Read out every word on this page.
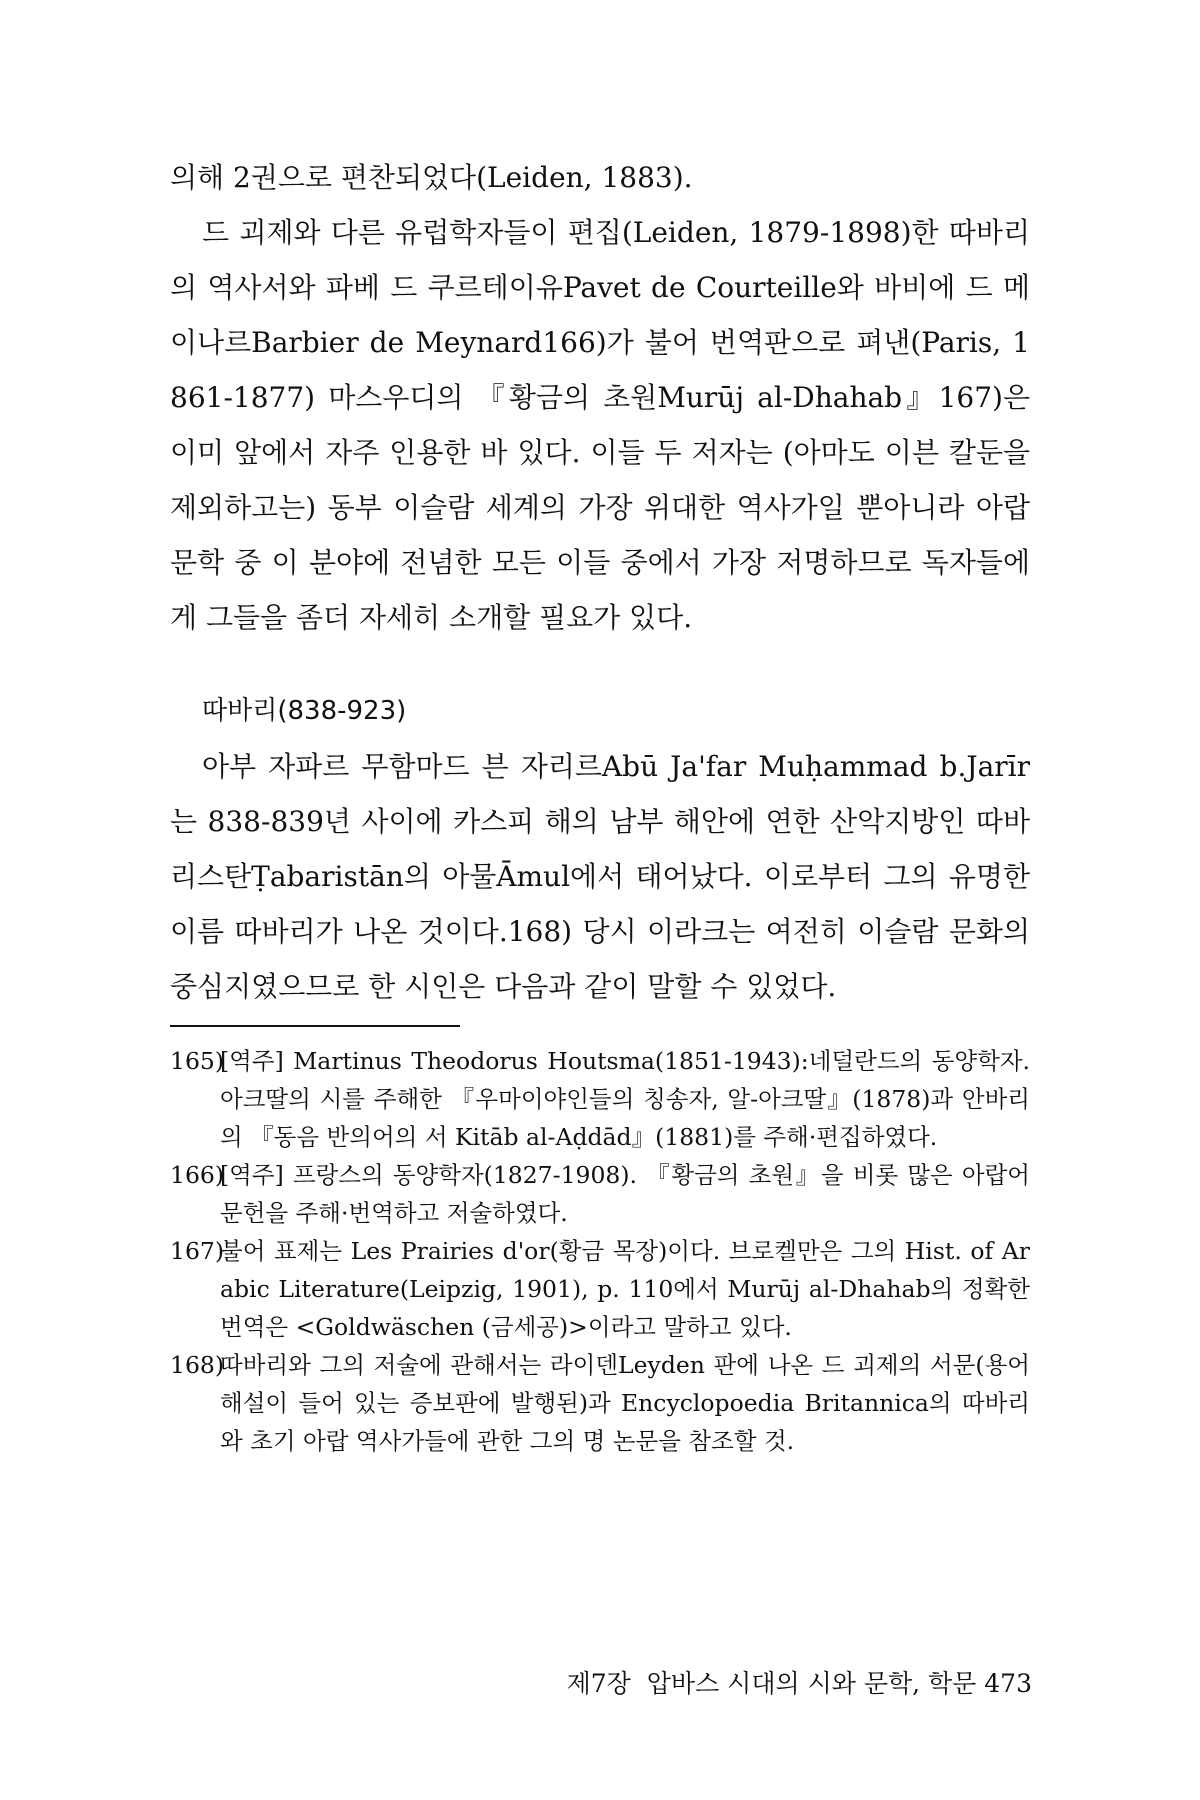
의해 2권으로 편찬되었다(Leiden, 1883).

드 괴제와 다른 유럽학자들이 편집(Leiden, 1879-1898)한 따바리의 역사서와 파베 드 쿠르테이유Pavet de Courteille와 바비에 드 메이나르Barbier de Meynard166)가 불어 번역판으로 펴낸(Paris, 1861-1877) 마스우디의 『황금의 초원Murūj al-Dhahab』167)은 이미 앞에서 자주 인용한 바 있다. 이들 두 저자는 (아마도 이븐 칼둔을 제외하고는) 동부 이슬람 세계의 가장 위대한 역사가일 뿐아니라 아랍 문학 중 이 분야에 전념한 모든 이들 중에서 가장 저명하므로 독자들에게 그들을 좀더 자세히 소개할 필요가 있다.

따바리(838-923)

아부 자파르 무함마드 븐 자리르Abū Ja'far Muḥammad b.Jarīr는 838-839년 사이에 카스피 해의 남부 해안에 연한 산악지방인 따바리스탄Ṭabaristān의 아물Āmul에서 태어났다. 이로부터 그의 유명한 이름 따바리가 나온 것이다.168) 당시 이라크는 여전히 이슬람 문화의 중심지였으므로 한 시인은 다음과 같이 말할 수 있었다.

165)
[역주] Martinus Theodorus Houtsma(1851-1943):네덜란드의 동양학자. 아크딸의 시를 주해한 『우마이야인들의 칭송자, 알-아크딸』(1878)과 안바리의 『동음 반의어의 서 Kitāb al-Aḍdād』(1881)를 주해·편집하였다.
166)
[역주] 프랑스의 동양학자(1827-1908). 『황금의 초원』을 비롯 많은 아랍어 문헌을 주해·번역하고 저술하였다.
167)
불어 표제는 Les Prairies d'or(황금 목장)이다. 브로켈만은 그의 Hist. of Arabic Literature(Leipzig, 1901), p. 110에서 Murūj al-Dhahab의 정확한 번역은 <Goldwäschen (금세공)>이라고 말하고 있다.
168)
따바리와 그의 저술에 관해서는 라이덴Leyden 판에 나온 드 괴제의 서문(용어 해설이 들어 있는 증보판에 발행된)과 Encyclopoedia Britannica의 따바리와 초기 아랍 역사가들에 관한 그의 명 논문을 참조할 것.
제7장 압바스 시대의 시와 문학, 학문 473
